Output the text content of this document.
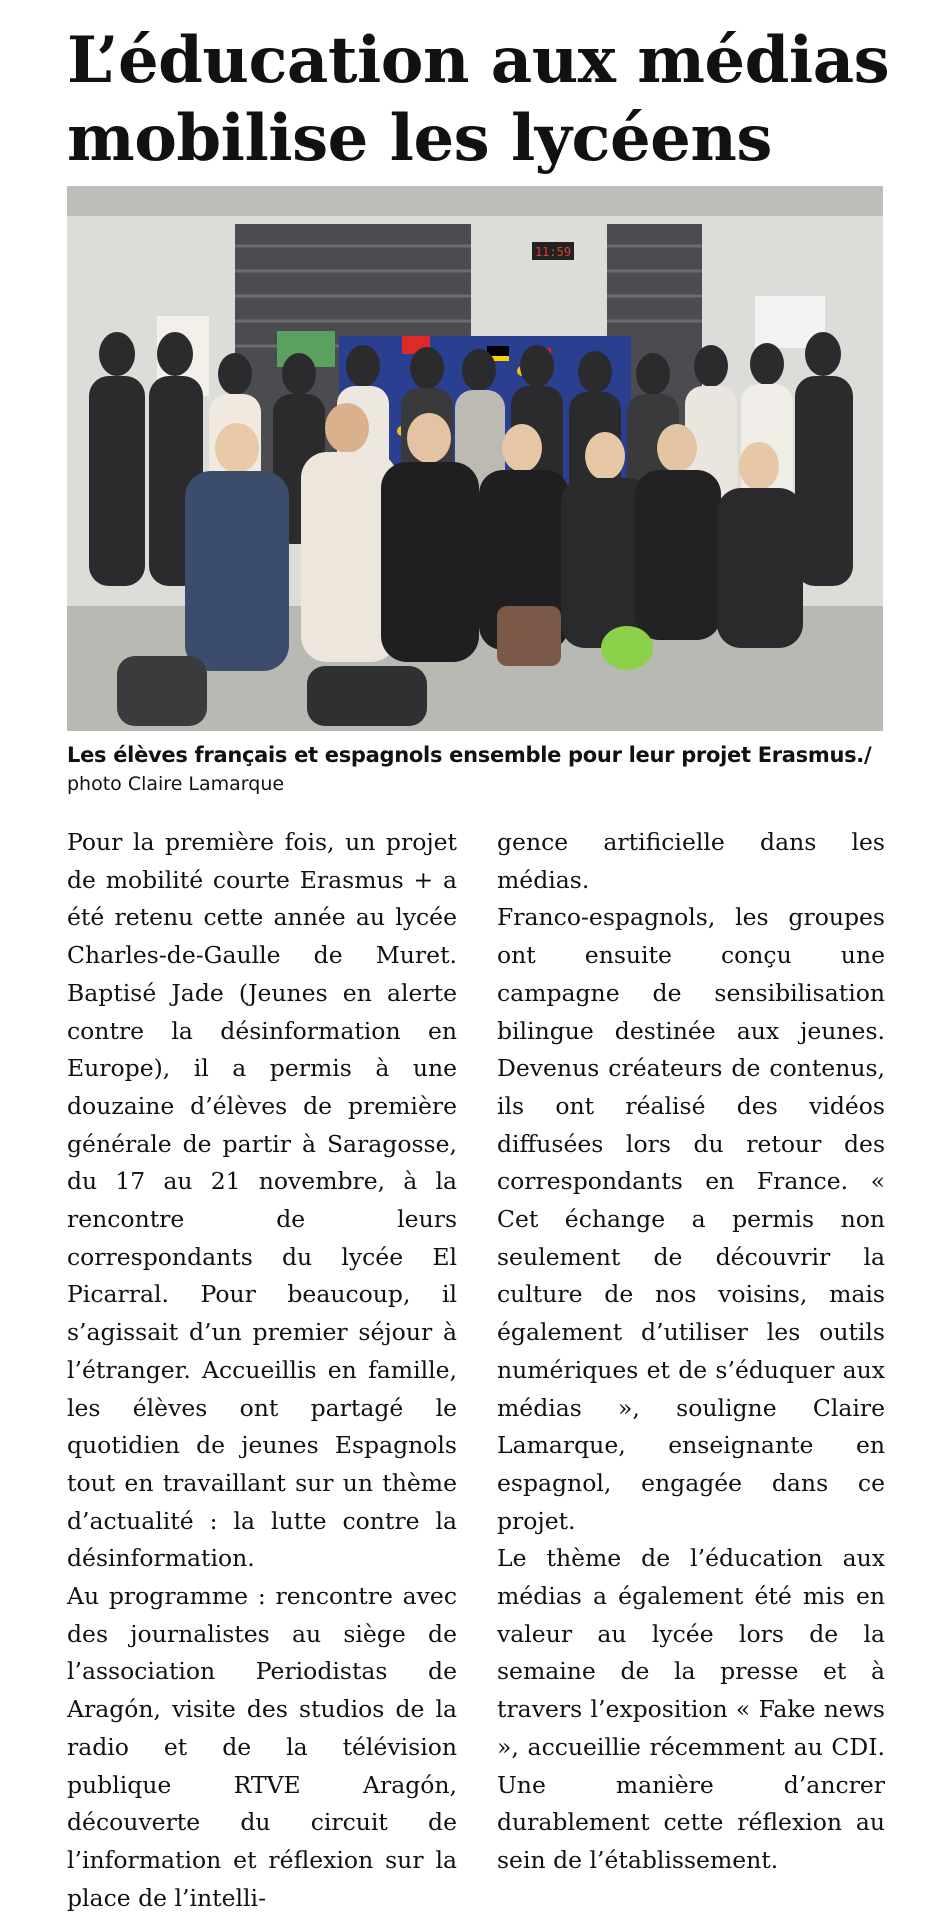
L’éducation aux médias
mobilise les lycéens
11:59
Les élèves français et espagnols ensemble pour leur projet Erasmus./
photo Claire Lamarque

Pour la première fois, un projet de mobilité courte Erasmus + a été retenu cette année au lycée Charles-de-Gaulle de Muret. Baptisé Jade (Jeunes en alerte contre la désinformation en Europe), il a permis à une douzaine d’élèves de première générale de partir à Saragosse, du 17 au 21 novembre, à la rencontre de leurs correspondants du lycée El Picarral. Pour beaucoup, il s’agissait d’un premier séjour à l’étranger. Accueillis en famille, les élèves ont partagé le quotidien de jeunes Espagnols tout en travaillant sur un thème d’actualité : la lutte contre la désinformation.

Au programme : rencontre avec des journalistes au siège de l’association Periodistas de Aragón, visite des studios de la radio et de la télévision publique RTVE Aragón, découverte du circuit de l’information et réflexion sur la place de l’intelli-

gence artificielle dans les médias.

Franco-espagnols, les groupes ont ensuite conçu une campagne de sensibilisation bilingue destinée aux jeunes. Devenus créateurs de contenus, ils ont réalisé des vidéos diffusées lors du retour des correspondants en France. « Cet échange a permis non seulement de découvrir la culture de nos voisins, mais également d’utiliser les outils numériques et de s’éduquer aux médias », souligne Claire Lamarque, enseignante en espagnol, engagée dans ce projet.

Le thème de l’éducation aux médias a également été mis en valeur au lycée lors de la semaine de la presse et à travers l’exposition « Fake news », accueillie récemment au CDI. Une manière d’ancrer durablement cette réflexion au sein de l’établissement.
